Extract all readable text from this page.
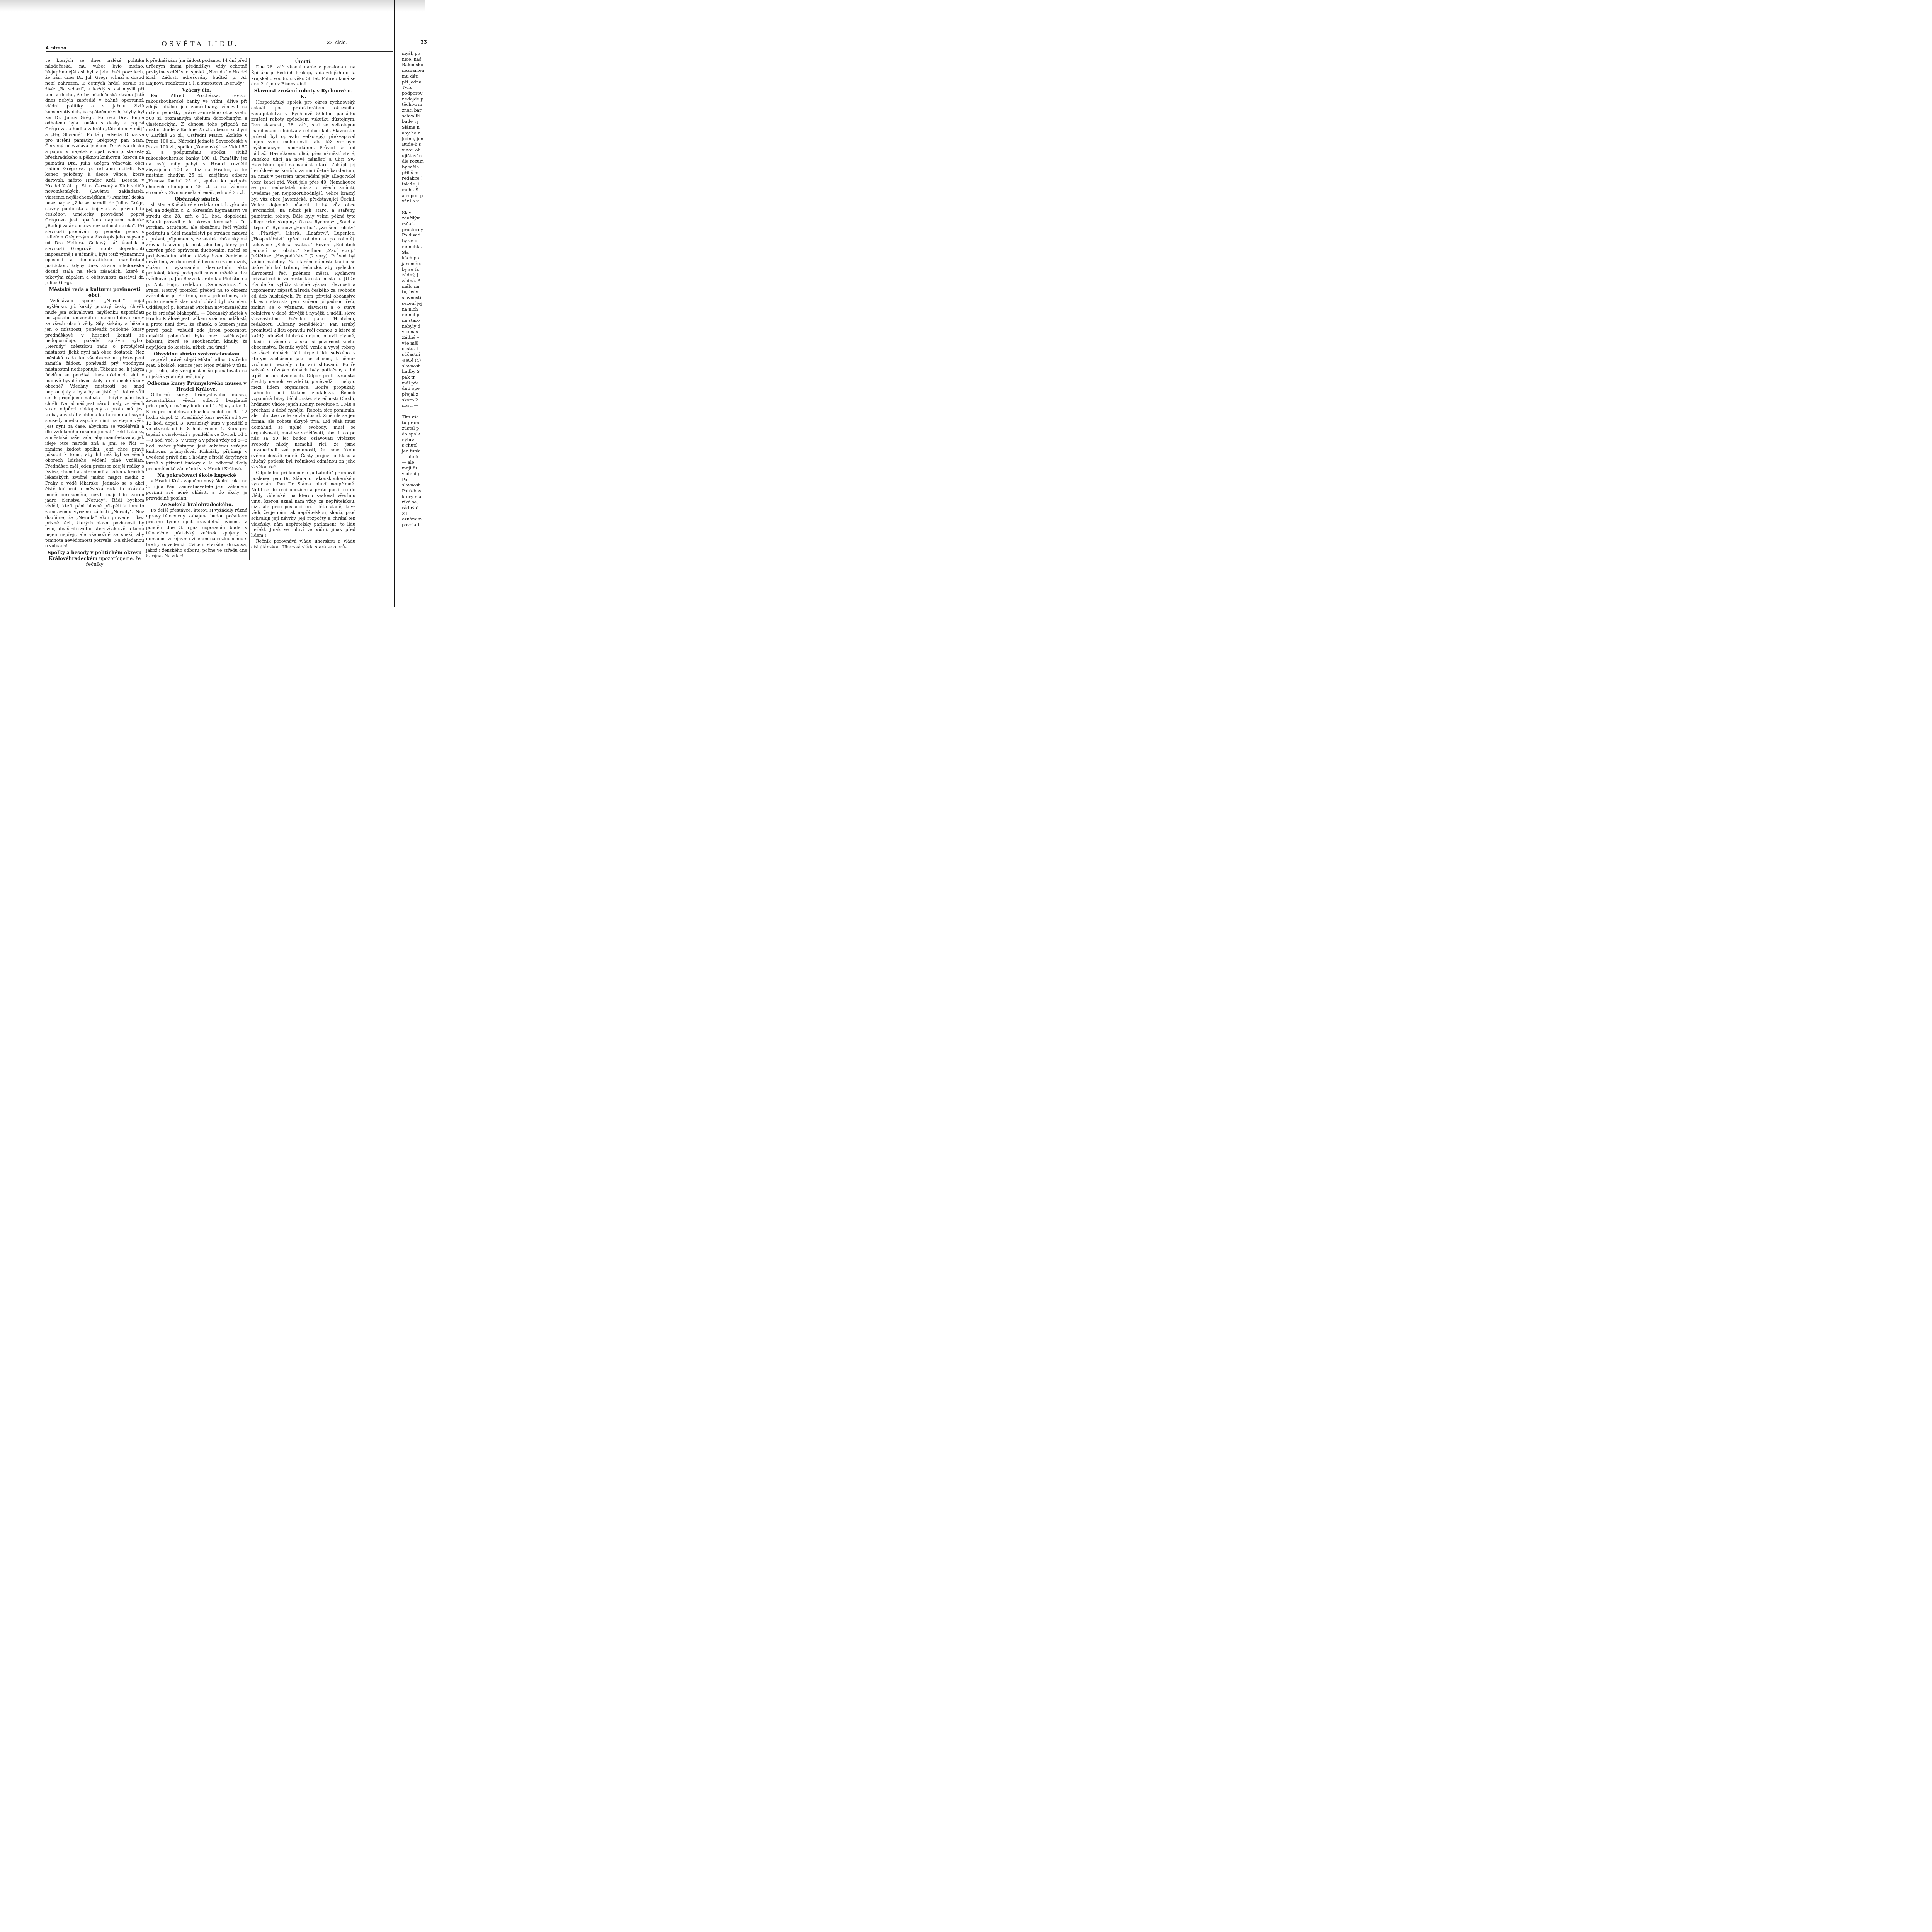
4. strana.	OSVĚTA LIDU.	32. číslo.

ve kterých se dnes nalézá politika mladočeská, mu vůbec bylo možno. Nejupřímnější asi byl v jeho řeči povzdech, že nám dnes Dr. Jul. Grégr schází a dosud není nahrazen. Z četných hrdel ozvalo se živé: „Ba schází“, a každý si asi myslil při tom v duchu, že by mladočeská strana jistě dnes nebyla zabředlá v bahně oportunní, vládní politiky a v jařmu živlů konservativních, ba zpátečnických, kdyby byl živ Dr. Julius Grégr. Po řeči Dra. Engla odhalena byla rouška s desky a poprsí Grégrova, a hudba zahrála „Kde domov můj“ a „Hej Slované“. Po té předseda Družstva pro uctění památky Grégrovy pan Stan. Červený odevzdává jménem Družstva desku a poprsí v majetek a opatrování p. starosty březhradského a pěknou knihovnu, kterou na památku Dra. Julia Grégra věnovala obci rodina Grégrova, p. řídícímu učiteli. Na konec položeny k desce věnce, které darovali: město Hradec Král., Beseda v Hradci Král., p. Stan. Červený a Klub voličů novoměstských. („Svému zakladateli, vlastenci nejšlechetnějšímu.“) Pamětní deska nese nápis: „Zde se narodil dr. Julius Grégr, slavný publicista a bojovník za práva lidu českého“; umělecky provedené poprsí Grégrovo jest opatřeno nápisem nahoře: „Raději žalář a okovy než volnost otroka“. Při slavnosti prodáván byl pamětní peníz s reliefem Grégrovým a životopis jeho sepsaný od Dra Hellera. Celkový náš úsudek o slavnosti Grégrově: mohla dopadnouti imposantněji a účinněji, býti totiž významnou oposiční a demokratickou manifestací politickou, kdyby dnes strana mladočeská dosud stála na těch zásadách, které s takovým zápalem a obětovností zastával dr. Julius Grégr.

Městská rada a kulturní povinnosti obcí.

Vzdělávací spolek „Neruda“ pojal myšlénku, již každý poctivý český člověk může jen schvalovati, myšlénku uspořádati po způsobu universitní extense lidové kursy ze všech oborů vědy. Síly získány a běželo jen o místnosti; poněvadž podobné kursy přednáškové v hostinci konati se nedoporučuje, požádal správní výbor „Nerudy“ městskou radu o propůjčení místností, jichž nyní má obec dostatek. Než městská rada ku všeobecnému překvapení zamítla žádost, poněvadž prý vhodnými místnostmi nedisponuje. Tážeme se, k jakým účelům se používá dnes učebních síní v budově bývalé dívčí školy a chlapecké školy obecné? Všechny místnosti se snad nepronajaly a byla by se jistě při dobré vůli síň k propůjčení nalezla — kdyby páni byli chtěli. Národ náš jest národ malý, ze všech stran odpůrci obklopený a proto má jest třeba, aby stál v ohledu kulturním nad svými sousedy anebo aspoň s nimi na stejné výši. Jest nyní na čase, abychom se vzdělávali a dle vzdělaného rozumu jednali“ řekl Palacký, a městská naše rada, aby manifestovala, jak ideje otce naroda zná a jimi se řídí — zamítne žádost spolku, jenž chce právě působit k tomu, aby lid náš byl ve všech oborech lidského vědění plně vzdělán. Přednášeti měl jeden profesor zdejší reálky o fysice, chemii a astronomii a jeden v kruzích lékařských zvučné jméno mající medik z Prahy o védě lékařské. Jednalo se o akci čistě kulturní a městská rada ta ukázala méně porozumění, než-li mají lidé tvořící jádro členstva „Nerudy“. Rádi bychom věděli, kteří páni hlavně přispěli k tomuto zamítavému vyřízení žádosti „Nerudy“. Než doufáme, že „Neruda“ akci provede i bez přízně těch, kterých hlavní povinností by bylo, aby šířili světlo, kteří však světlu tomu nejen nepřejí, ale všemožně se snaží, aby temnota nevědomosti potrvala. Na shledanou o volbách!

Spolky a besedy v politickém okresu Královéhradeckém upozorňujeme, že řečníky

k přednáškám (na žádost podanou 14 dní před určeným dnem přednášky), vždy ochotně poskytne vzdělávací spolek „Neruda“ v Hradci Král. Žádosti adresovány buďtež p. Al. Hajnovi, redaktoru t. l. a starostovi „Nerudy“.

Vzácný čin.

Pan Alfred Procházka, revisor rakouskouherské banky ve Vídni, dříve při zdejší filiálce její zaměstnaný, věnoval na uctění památky právě zemřelého otce svého 500 zl. rozmanitým účelům dobročinným a vlasteneckým. Z obnosu toho připadá na místní chudé v Karlíně 25 zl., obecní kuchyni v Karlíně 25 zl., Ústřední Matici Školské v Praze 100 zl., Národní jednotě Severočeské v Praze 100 zl., spolku „Komenský“ ve Vídni 50 zl. a podpůrnému spolku sluhů rakouskouherské banky 100 zl. Pamětliv jsa na svůj milý pobyt v Hradci rozdělil zbývajících 100 zl. též na Hradec, a to: místním chudým 25 zl., zdejšímu odboru „Husova fondu“ 25 zl., spolku ku podpoře chudých studujících 25 zl. a na vánoční stromek v Živnostensko-čtenář. jednotě 25 zl.

Občanský sňatek

sl. Marie Koštálové a redaktora t. l. vykonán byl na zdejším c. k. okresním hejtmanství ve středu dne 28. září o 11. hod. dopolední. Sňatek provedl c. k. okresní komisař p. Ot. Pirchan. Stručnou, ale obsažnou řečí vyložil podstatu a účel manželství po stránce mravní a právní, připomenuv, že sňatek občanský má zrovna takovou platnost jako ten, který jest uzavřen před správcem duchovním, načež se podpisováním oddací otázky řízení ženicho a nevěstina, že dobrovolně berou se za manžely, složen o vykonaném slavnostním aktu protokol, který podepsali novomanželé a dva svědkové: p. Jan Bezvoda, rolník v Plotištích a p. Ant. Hajn, redaktor „Samostatnosti“ v Praze. Hotový protokol přečetl na to okresní zvěrolékař p. Fridrich, čímž jednoduchý, ale proto neméně slavnostní obřad byl ukončen. Oddávající p. komisař Pirchan novomanželům po té srdečně blahopřál. — Občanský sňatek v Hradci Králové jest celkem vzácnou událostí, a proto není divu, že sňatek, o kterém jsme právě psali, vzbudil zde jistou pozornost; největší pobouření bylo mezi svíčkovými babami, které se snoubencům klnuly, že nepůjdou do kostela, nýbrž „na úřad“.

Obvyklou sbírku svatováclavskou

započal právě zdejší Místní odbor Ústřední Mat. Školské. Matice jest letos zvláště v tísni, i je třeba, aby veřejnost naše pamatovala na ni ještě vydatněji než jindy.

Odborné kursy Průmyslového musea v Hradci Králové.

Odborné kursy Průmyslového musea, živnostníkům všech odborů bezplatně přístupné, otevřeny budou od 1. října, a to: 1. Kurs pro modelování každou neděli od 9.—12 hodin dopol. 2. Kreslířský kurs neděli od 9.—12 hod. dopol. 3. Kreslířský kurs v pondělí a ve čtvrtek od 6—8 hod. večer. 4. Kurs pro tepání a ciselování v pondělí a ve čtvrtek od 6—8 hod. več. 5. V úterý a v pátek vždy od 6—8 hod. večer přístupna jest každému veřejná knihovna průmyslová. Přihlášky přijímají v uvedené právě dni a hodiny učitelé dotyčných kursů v přízemí budovy c. k. odborné školy pro umělecké zámečnictví v Hradci Králové.

Na pokračovací škole kupecké

v Hradci Král. započne nový školní rok dne 3. října Páni zaměstnavatelé jsou zákonem povinni své učně ohlásiti a do školy je pravidelně posílati.

Ze Sokola kralohradeckého.

Po delší přestávce, kterou si vyžádaly různé opravy tělocvičny, zahájena budou počátkem příštího týdne opět pravidelná cvičení. V pondělí due 3. října uspořádán bude v tělocvičně přátelský večírek spojený s domácím veřejným cvičením na rozloučenou s bratry odvedenci. Cvičení staršího družstva, jakož i ženského odboru, počne ve středu dne 5. října. Na zdar!

Úmrtí.

Dne 28. září skonal náhle v pensionatu na Špičáku p. Bedřich Prokop, rada zdejšího c. k. krajského soudu, u věku 58 let. Pohřeb koná se dne 2. října v Eisensteině.

Slavnost zrušení roboty v Rychnově n. K.

Hospodářský spolek pro okres rychnovský, oslavil pod protektorátem okresního zastupitelstva v Rychnově 50letou památku zrušení roboty způsobem vskutku důstojným. Den slavnosti, 28. září, stal se velkolepou manifestací rolnictva z celého okolí. Slavnostní průvod byl opravdu velkolepý; překvapoval nejen svou mohutností, ale též vzorným myšlenkovým uspořádáním. Průvod šel od nádraží Havlíčkovou ulicí, přes náměstí staré, Panskou ulicí na nové náměstí a ulicí Sv.-Havelskou opět na náměstí staré. Zahájili jej heroldové na koních, za nimi četné banderium, za nímž v pestrém uspořádání jely allegorické vozy, ženci atd. Vozů jelo přes 40. Nemohouce se pro nedostatek místa o všech zmíniti, uvedeme jen nejpozoruhodnější. Velice krásný byl vůz obce Javornické, představující Čechii. Velice dojemně působil druhý vůz obce Javornické, na němž jeli starci a stařeny, pamětníci roboty. Dále byly velmi pěkné tyto allegorické skupiny: Okres Rychnov: „Soud a utrpení“. Rychnov: „Honitba“, „Zrušení roboty“ a „Přástky“. Liberk: „Lnářství“. Lupenice: „Hospodářství“ (před robotou a po robotě). Lukavice: „Selská svatba.“ Roveň: „Robotník jedoucí na robotu.“ Sedlina: „Žací stroj.“ Ještětice: „Hospodářství“ (2 vozy). Průvod byl velice malebný. Na starém náměstí tísnilo se tisíce lidí kol tribuny řečnické, aby vyslechlo slavnostní řeč. Jménem města Rychnova přivítal rolnictvo místostarosta města p. JUDr. Flanderka, vylíčiv stručně význam slavnosti a vzpomenuv zápasů národa českého za svobodu od dob husitských. Po něm přivítal občanstvo okresní starosta pan Kučera připadnou řečí, zmíniv se o významu slavnosti a o stavu rolnictva v době dřívější i nynější a udělil slovo slavnostnímu řečníku panu Hrubému, redaktoru „Obrany zemědělců“. Pan Hrubý promluvil k lidu opravdu řečí cennou, z které si každý odnášel hluboký dojem, mluvil plynně, hlasitě i věcně a z skal si pozornost všeho obecenstva. Řečník vylíčil vznik a vývoj roboty ve všech dobách, líčil utrpení lidu selského, s kterým zacházeno jako se zbožím, k němuž vrchnosti neznaly citu ani slitování. Bouře selské v různých dobách byly potlačeny a lid trpěl potom dvojnásob. Odpor proti tyranství šlechty nemohl se zdařiti, poněvadž tu nebylo mezi lidem organisace. Bouře propukaly nahodile pod tlakem zoufalství. Řečník vzpomíná bitvy bělohorské, statečnosti Chodů, hrdinství vůdce jejich Kosiny, revoluce r. 1848 a přechází k době nynější. Robota sice pominula, ale rolnictvo vede se zle dosud. Změnila se jen forma, ale robota skrytě trvá. Lid však musí domáhati se úplné svobody, musí se organisovati, musí se vzdělávati, aby ti, co po nás za 50 let budou oslavovati vítězství svobody, nikdy nemohli říci, že jsme nezanedbali své povinnosti, že jsme úkolu svému dostáli řádně. Častý projev souhlasu a hlučný potlesk byl řečníkovi odměnou za jeho skvělou řeč.

Odpoledne při koncertě „u Labutě“ promluvil poslanec pan Dr. Sláma o rakouskouherském vyrovnání. Pan Dr. Sláma mluvil neupřímně. Nutil se do řeči opoziční a proto pustil se do vlády vídeňské, na kterou svaloval všechnu vinu, kterou uznal nám vždy za nepřátelskou, cizí, ale proč poslanci čeští této vládě, když vědí, že je nám tak nepřátelskou, slouží, proč schvalují její návrhy, její rozpočty a chrání ten vídeňský, nám nepřátelský parlament, to lidu neřekl. Jinak se mluví ve Vídni, jinak před lidem.!

Řečník porovnává vládu uherskou a vládu cislajtánskou. Uherská vláda stará se o prů-

33
myšl, po
nice, naš
Rakousko
neznamen
mu dáti
při jedná
Tvrz
podporov
nedojde p
těchou m
znati bar
schválili
bude vy
Sláma n
aby ho n
jedno, jen
Bude-li s
vinou ob
ujišťován
dle rozum
by měla
příliš m
redakce.)
tak že ji
mohl. Š
alespoň p
vání a v
Slav
zdařilým
ryša“.
prostorný
Po divad
by se u
nemohla.
Sla
kách po
jaroměřs
by se ťa
žádný, j
žádná. A
málo na
tu, byly
slavnosti
sezení jej
na nich
neměl p
na staro
nebyly d
vše nas
Žádné v
vše měl
cestu. I
sůčastní
-seué (4)
slavnost
hudby S
pak tr
měl pře
dáti ope
přejal z
skoro 2
nosti —
Tím vša
tu prami
zůstal p
do spolk
nýbrž
s chutí
jen funk
— ale č
— ale
mají fu
vedení p
Po
slavnost
Potřebov
který ma
říká se,
řádný č
Z l
oznámím
povolati
